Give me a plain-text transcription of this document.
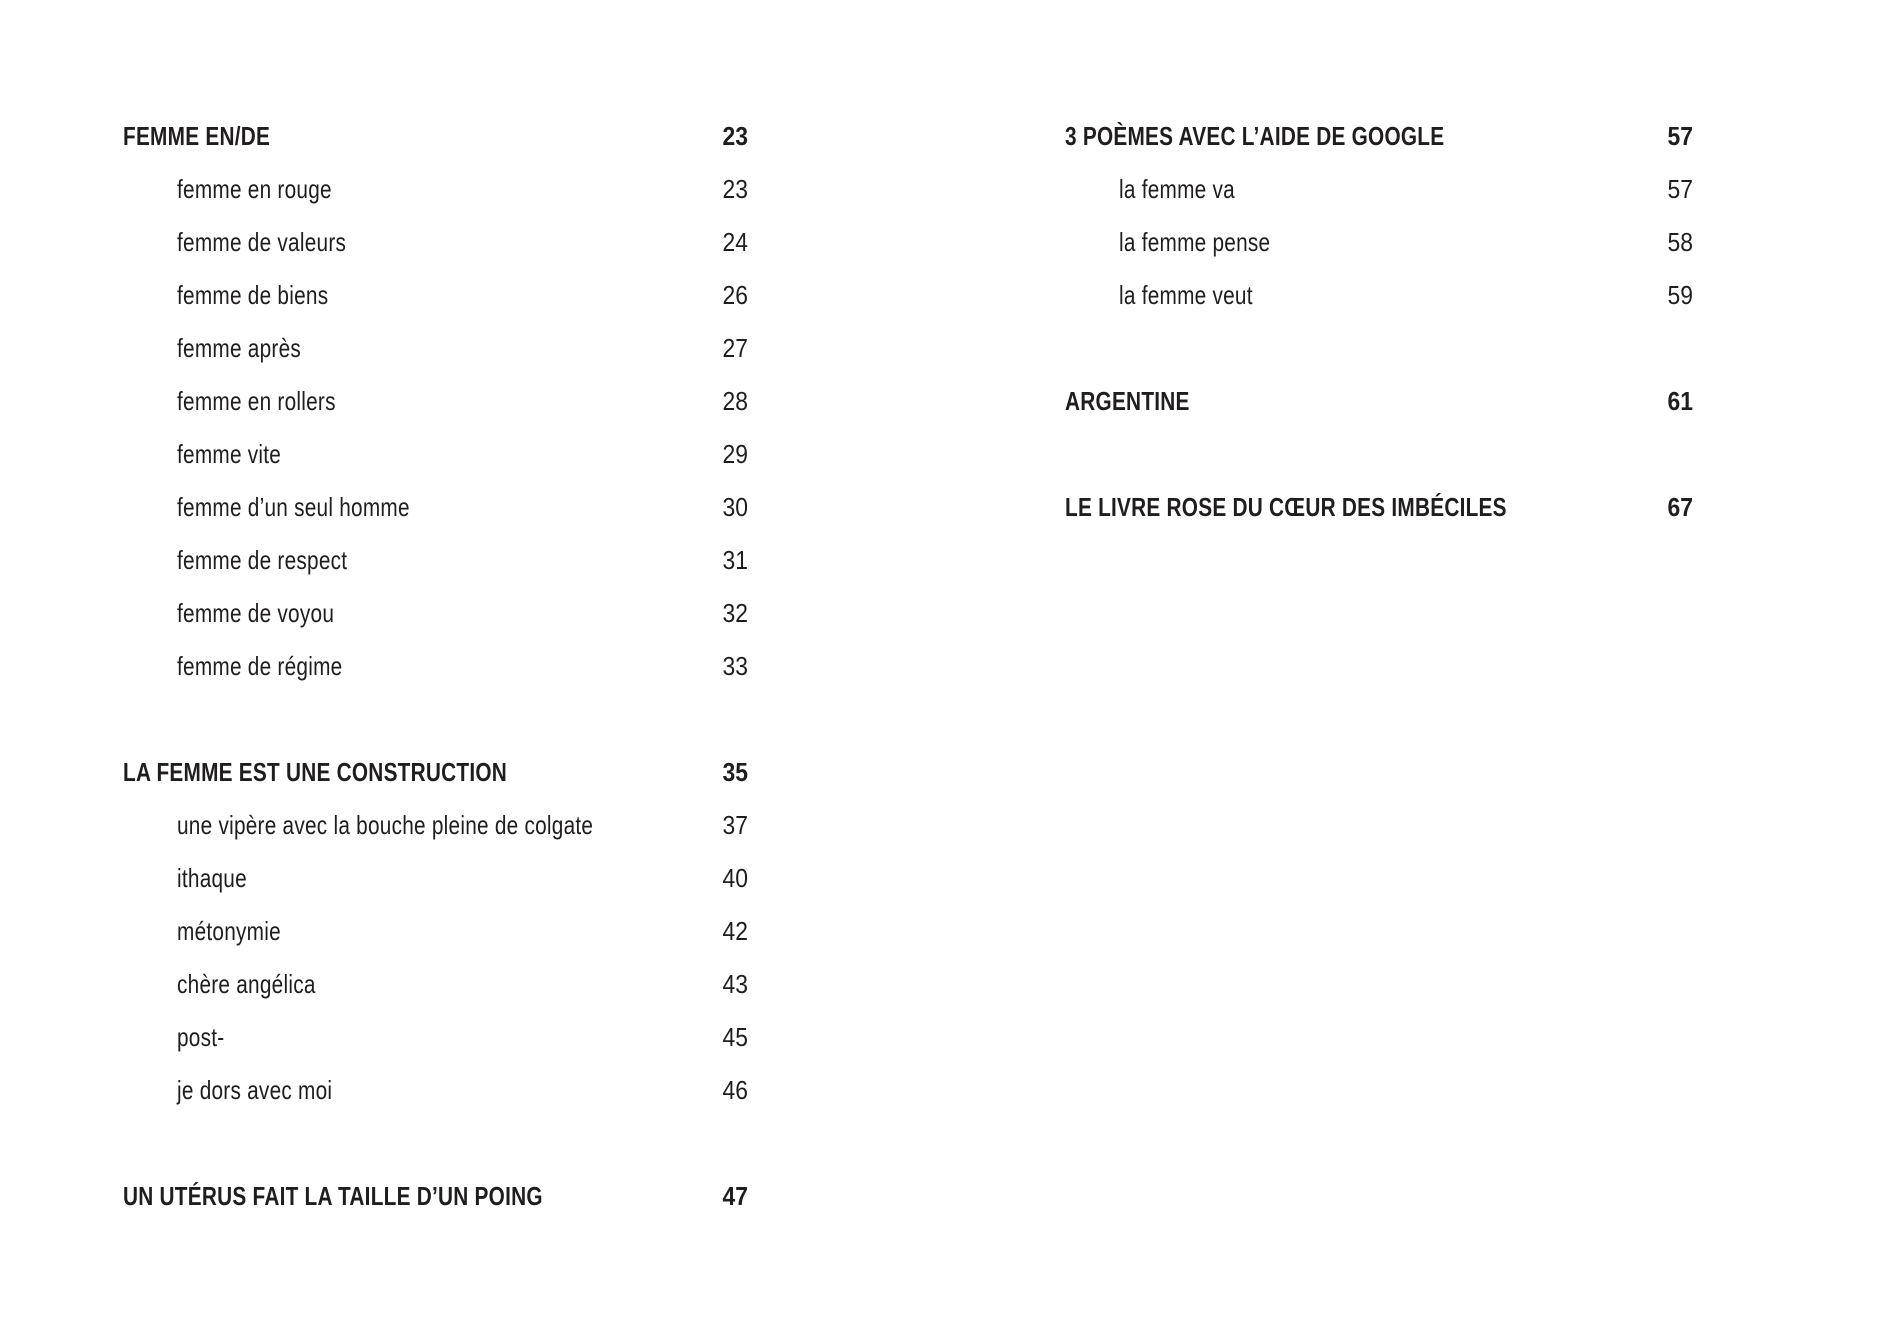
FEMME EN/DE	23
femme en rouge	23
femme de valeurs	24
femme de biens	26
femme après	27
femme en rollers	28
femme vite	29
femme d’un seul homme	30
femme de respect	31
femme de voyou	32
femme de régime	33
LA FEMME EST UNE CONSTRUCTION	35
une vipère avec la bouche pleine de colgate	37
ithaque	40
métonymie	42
chère angélica	43
post-	45
je dors avec moi	46
UN UTÉRUS FAIT LA TAILLE D’UN POING	47
3 POÈMES AVEC L’AIDE DE GOOGLE	57
la femme va	57
la femme pense	58
la femme veut	59
ARGENTINE	61
LE LIVRE ROSE DU CŒUR DES IMBÉCILES	67
